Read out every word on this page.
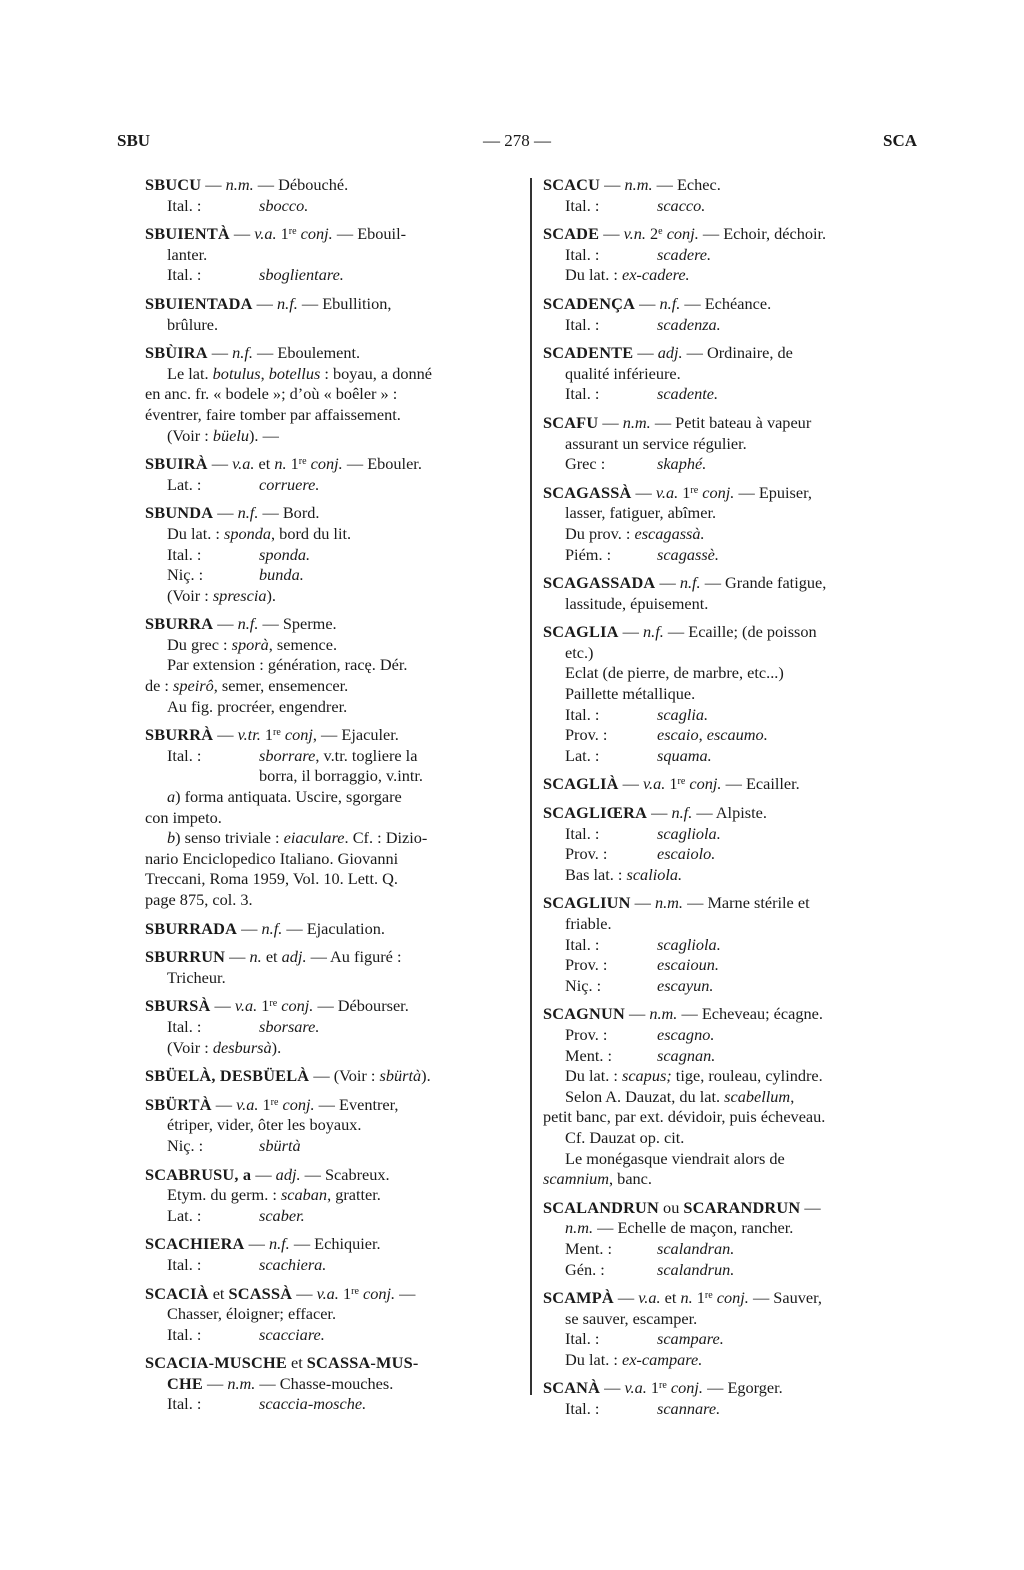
SBU	— 278 —	SCA
SBUCU — n.m. — Débouché.
Ital. :	sbocco.
SBUIENTÀ — v.a. 1re conj. — Ebouil-
lanter.
Ital. :	sboglientare.
SBUIENTADA — n.f. — Ebullition,
brûlure.
SBÙIRA — n.f. — Eboulement.
Le lat. botulus, botellus : boyau, a donné
en anc. fr. « bodele »; d’où « boêler » :
éventrer, faire tomber par affaissement.
(Voir : büelu). —
SBUIRÀ — v.a. et n. 1re conj. — Ebouler.
Lat. :	corruere.
SBUNDA — n.f. — Bord.
Du lat. : sponda, bord du lit.
Ital. :	sponda.
Niç. :	bunda.
(Voir : sprescia).
SBURRA — n.f. — Sperme.
Du grec : sporà, semence.
Par extension : génération, racę. Dér.
de : speirô, semer, ensemencer.
Au fig. procréer, engendrer.
SBURRÀ — v.tr. 1re conj, — Ejaculer.
Ital. :	sborrare, v.tr. togliere la
borra, il borraggio, v.intr.
a) forma antiquata. Uscire, sgorgare
con impeto.
b) senso triviale : eiaculare. Cf. : Dizio-
nario Enciclopedico Italiano. Giovanni
Treccani, Roma 1959, Vol. 10. Lett. Q.
page 875, col. 3.
SBURRADA — n.f. — Ejaculation.
SBURRUN — n. et adj. — Au figuré :
Tricheur.
SBURSÀ — v.a. 1re conj. — Débourser.
Ital. :	sborsare.
(Voir : desbursà).
SBÜELÀ, DESBÜELÀ — (Voir : sbürtà).
SBÜRTÀ — v.a. 1re conj. — Eventrer,
étriper, vider, ôter les boyaux.
Niç. :	sbürtà
SCABRUSU, a — adj. — Scabreux.
Etym. du germ. : scaban, gratter.
Lat. :	scaber.
SCACHIERA — n.f. — Echiquier.
Ital. :	scachiera.
SCACIÀ et SCASSÀ — v.a. 1re conj. —
Chasser, éloigner; effacer.
Ital. :	scacciare.
SCACIA-MUSCHE et SCASSA-MUS-
CHE — n.m. — Chasse-mouches.
Ital. :	scaccia-mosche.
SCACU — n.m. — Echec.
Ital. :	scacco.
SCADE — v.n. 2e conj. — Echoir, déchoir.
Ital. :	scadere.
Du lat. : ex-cadere.
SCADENÇA — n.f. — Echéance.
Ital. :	scadenza.
SCADENTE — adj. — Ordinaire, de
qualité inférieure.
Ital. :	scadente.
SCAFU — n.m. — Petit bateau à vapeur
assurant un service régulier.
Grec :	skaphé.
SCAGASSÀ — v.a. 1re conj. — Epuiser,
lasser, fatiguer, abîmer.
Du prov. : escagassà.
Piém. :	scagassè.
SCAGASSADA — n.f. — Grande fatigue,
lassitude, épuisement.
SCAGLIA — n.f. — Ecaille; (de poisson
etc.)
Eclat (de pierre, de marbre, etc...)
Paillette métallique.
Ital. :	scaglia.
Prov. :	escaio, escaumo.
Lat. :	squama.
SCAGLIÀ — v.a. 1re conj. — Ecailler.
SCAGLIŒRA — n.f. — Alpiste.
Ital. :	scagliola.
Prov. :	escaiolo.
Bas lat. : scaliola.
SCAGLIUN — n.m. — Marne stérile et
friable.
Ital. :	scagliola.
Prov. :	escaioun.
Niç. :	escayun.
SCAGNUN — n.m. — Echeveau; écagne.
Prov. :	escagno.
Ment. :	scagnan.
Du lat. : scapus; tige, rouleau, cylindre.
Selon A. Dauzat, du lat. scabellum,
petit banc, par ext. dévidoir, puis écheveau.
Cf. Dauzat op. cit.
Le monégasque viendrait alors de
scamnium, banc.
SCALANDRUN ou SCARANDRUN —
n.m. — Echelle de maçon, rancher.
Ment. :	scalandran.
Gén. :	scalandrun.
SCAMPÀ — v.a. et n. 1re conj. — Sauver,
se sauver, escamper.
Ital. :	scampare.
Du lat. : ex-campare.
SCANÀ — v.a. 1re conj. — Egorger.
Ital. :	scannare.
